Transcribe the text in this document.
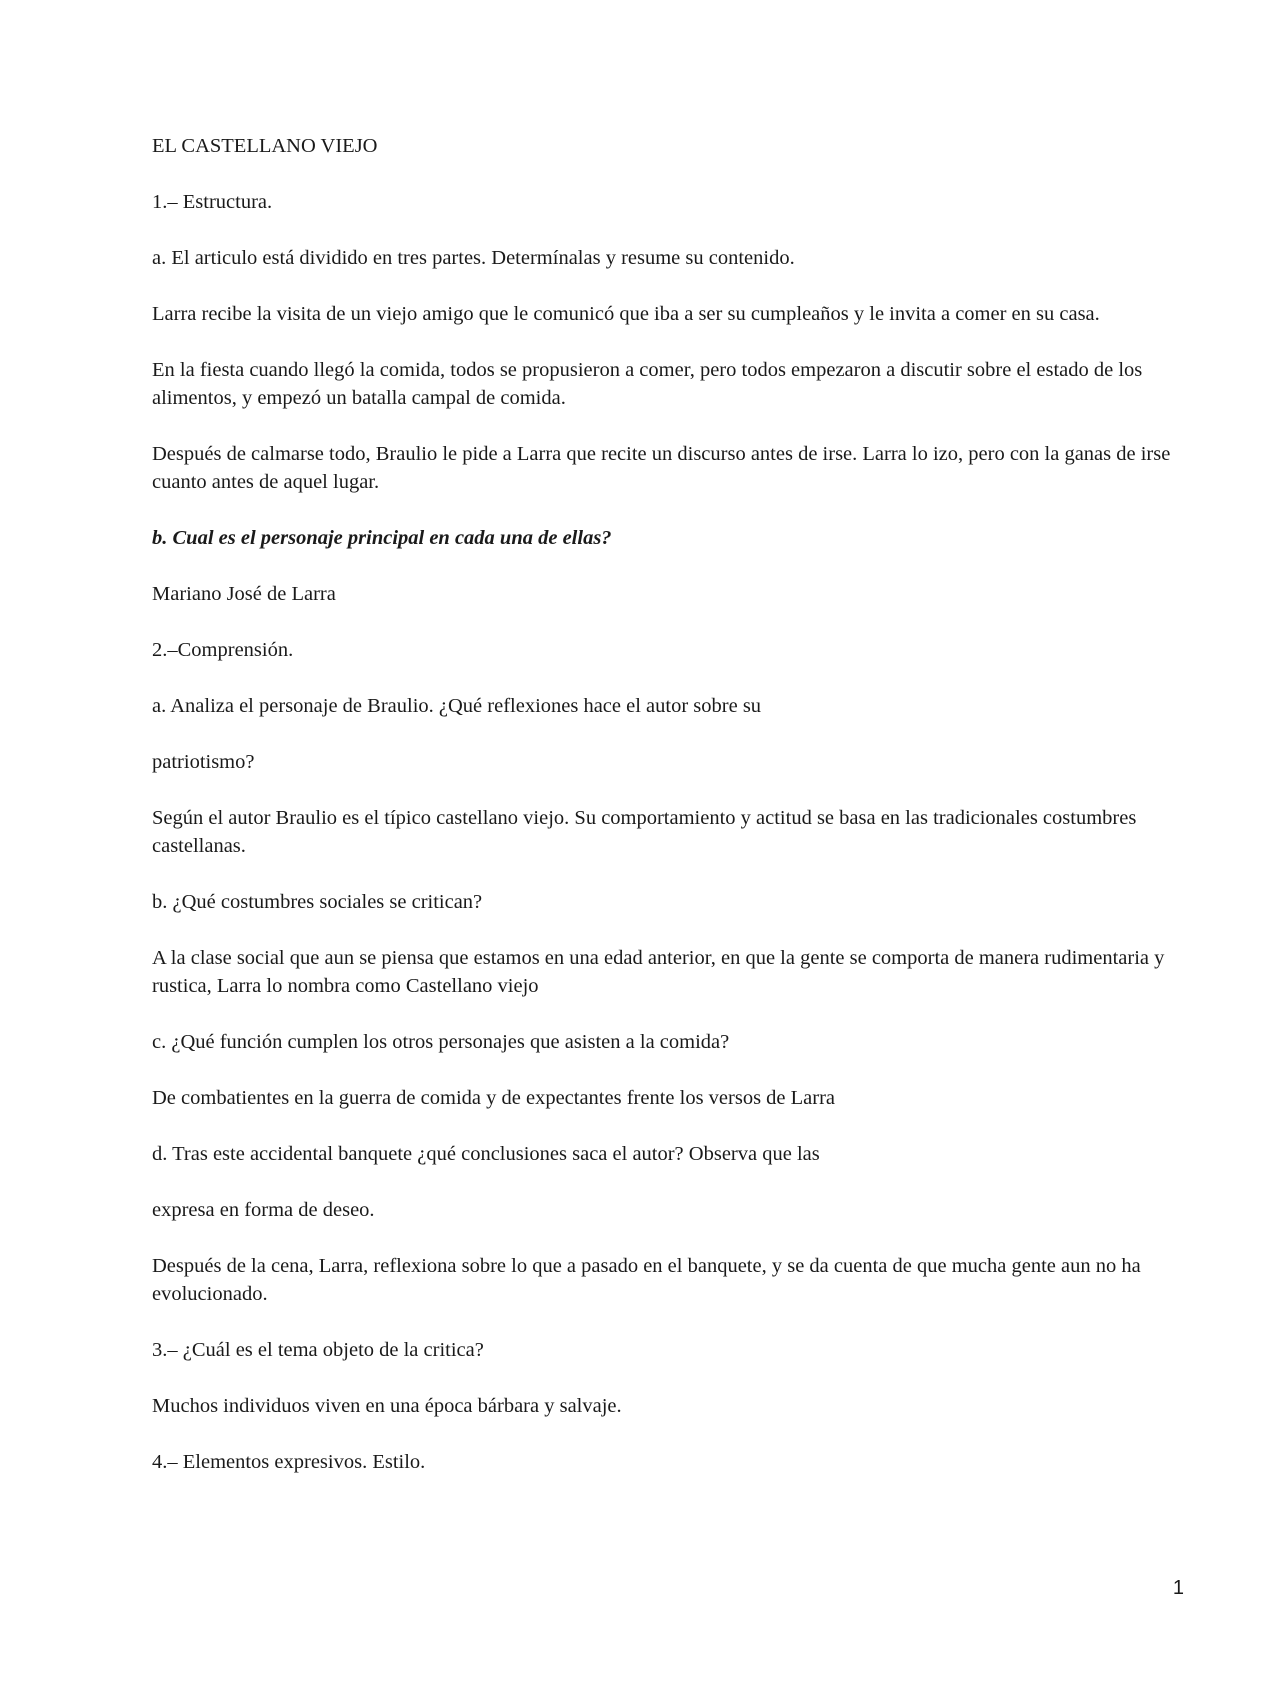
EL CASTELLANO VIEJO

1.– Estructura.

a. El articulo está dividido en tres partes. Determínalas y resume su contenido.

Larra recibe la visita de un viejo amigo que le comunicó que iba a ser su cumpleaños y le invita a comer en su casa.

En la fiesta cuando llegó la comida, todos se propusieron a comer, pero todos empezaron a discutir sobre el estado de los alimentos, y empezó un batalla campal de comida.

Después de calmarse todo, Braulio le pide a Larra que recite un discurso antes de irse. Larra lo izo, pero con la ganas de irse cuanto antes de aquel lugar.

b. Cual es el personaje principal en cada una de ellas?

Mariano José de Larra

2.–Comprensión.

a. Analiza el personaje de Braulio. ¿Qué reflexiones hace el autor sobre su

patriotismo?

Según el autor Braulio es el típico castellano viejo. Su comportamiento y actitud se basa en las tradicionales costumbres castellanas.

b. ¿Qué costumbres sociales se critican?

A la clase social que aun se piensa que estamos en una edad anterior, en que la gente se comporta de manera rudimentaria y rustica, Larra lo nombra como Castellano viejo

c. ¿Qué función cumplen los otros personajes que asisten a la comida?

De combatientes en la guerra de comida y de expectantes frente los versos de Larra

d. Tras este accidental banquete ¿qué conclusiones saca el autor? Observa que las

expresa en forma de deseo.

Después de la cena, Larra, reflexiona sobre lo que a pasado en el banquete, y se da cuenta de que mucha gente aun no ha evolucionado.

3.– ¿Cuál es el tema objeto de la critica?

Muchos individuos viven en una época bárbara y salvaje.

4.– Elementos expresivos. Estilo.

1
